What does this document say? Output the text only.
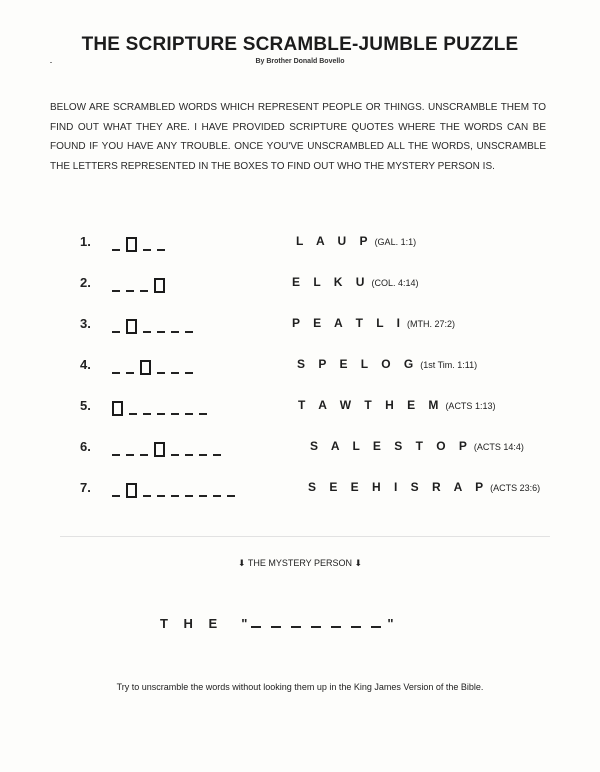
THE SCRIPTURE SCRAMBLE-JUMBLE PUZZLE
By Brother Donald Bovello
BELOW ARE SCRAMBLED WORDS WHICH REPRESENT PEOPLE OR THINGS. UNSCRAMBLE THEM TO FIND OUT WHAT THEY ARE. I HAVE PROVIDED SCRIPTURE QUOTES WHERE THE WORDS CAN BE FOUND IF YOU HAVE ANY TROUBLE. ONCE YOU'VE UNSCRAMBLED ALL THE WORDS, UNSCRAMBLE THE LETTERS REPRESENTED IN THE BOXES TO FIND OUT WHO THE MYSTERY PERSON IS.
1.	L A U P (GAL. 1:1)
2.	E L K U (COL. 4:14)
3.	P E A T L I (MTH. 27:2)
4.	S P E L O G (1st Tim. 1:11)
5.	T A W T H E M (ACTS 1:13)
6.	S A L E S T O P (ACTS 14:4)
7.	S E E H I S R A P (ACTS 23:6)
⬇ THE MYSTERY PERSON ⬇
T H E "	"
Try to unscramble the words without looking them up in the King James Version of the Bible.
